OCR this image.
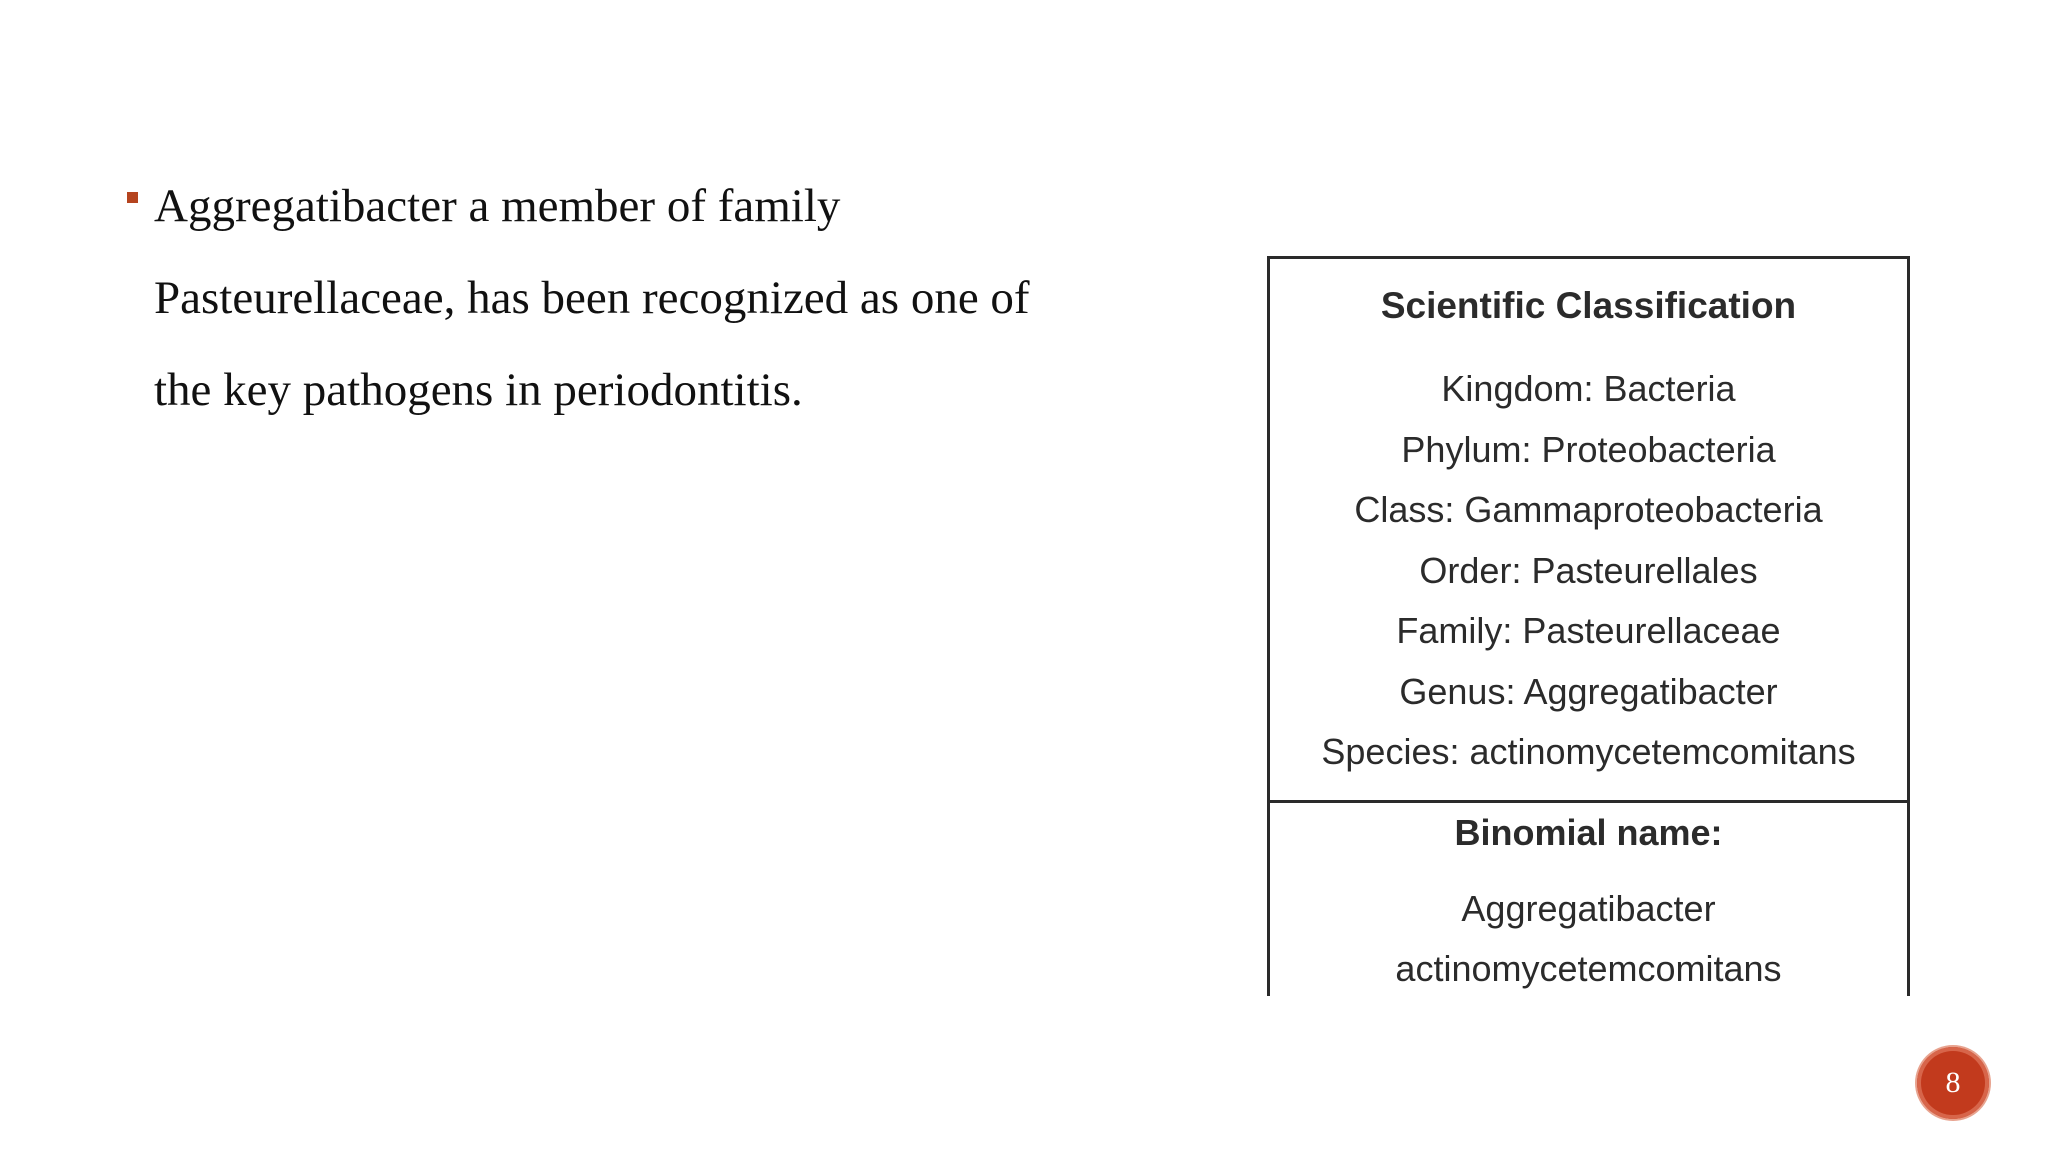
Aggregatibacter a member of family
Pasteurellaceae, has been recognized as one of
the key pathogens in periodontitis.

Scientific Classification
Kingdom: Bacteria
Phylum: Proteobacteria
Class: Gammaproteobacteria
Order: Pasteurellales
Family: Pasteurellaceae
Genus: Aggregatibacter
Species: actinomycetemcomitans
Binomial name:
Aggregatibacter
actinomycetemcomitans
8
